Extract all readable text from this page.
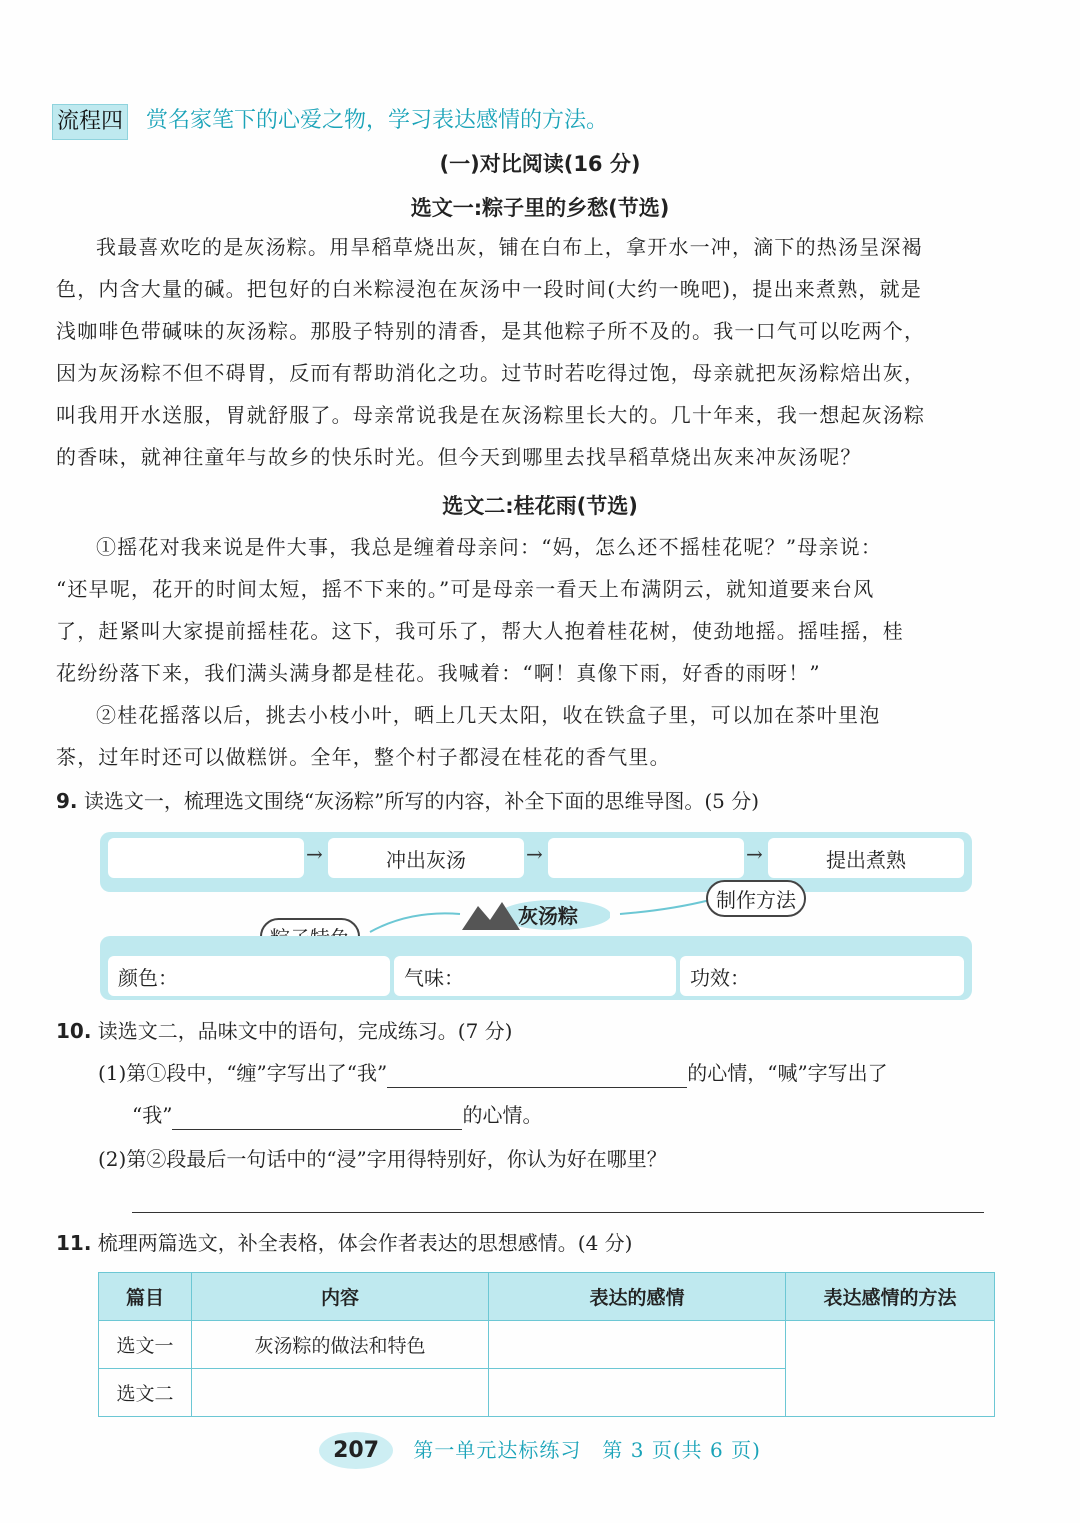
流程四 赏名家笔下的心爱之物，学习表达感情的方法。
(一)对比阅读(16 分)
选文一:粽子里的乡愁(节选)
我最喜欢吃的是灰汤粽。用旱稻草烧出灰，铺在白布上，拿开水一冲，滴下的热汤呈深褐
色，内含大量的碱。把包好的白米粽浸泡在灰汤中一段时间(大约一晚吧)，提出来煮熟，就是
浅咖啡色带碱味的灰汤粽。那股子特别的清香，是其他粽子所不及的。我一口气可以吃两个，
因为灰汤粽不但不碍胃，反而有帮助消化之功。过节时若吃得过饱，母亲就把灰汤粽焙出灰，
叫我用开水送服，胃就舒服了。母亲常说我是在灰汤粽里长大的。几十年来，我一想起灰汤粽
的香味，就神往童年与故乡的快乐时光。但今天到哪里去找旱稻草烧出灰来冲灰汤呢？
选文二:桂花雨(节选)
①摇花对我来说是件大事，我总是缠着母亲问：“妈，怎么还不摇桂花呢？”母亲说：
“还早呢，花开的时间太短，摇不下来的。”可是母亲一看天上布满阴云，就知道要来台风
了，赶紧叫大家提前摇桂花。这下，我可乐了，帮大人抱着桂花树，使劲地摇。摇哇摇，桂
花纷纷落下来，我们满头满身都是桂花。我喊着：“啊！真像下雨，好香的雨呀！”
②桂花摇落以后，挑去小枝小叶，晒上几天太阳，收在铁盒子里，可以加在茶叶里泡
茶，过年时还可以做糕饼。全年，整个村子都浸在桂花的香气里。
9. 读选文一，梳理选文围绕“灰汤粽”所写的内容，补全下面的思维导图。(5 分)
→	冲出灰汤	→	→	提出煮熟
灰汤粽
制作方法
颜色：	气味：	功效：
10. 读选文二，品味文中的语句，完成练习。(7 分)
(1)第①段中，“缠”字写出了“我”	的心情，“喊”字写出了
“我”	的心情。
(2)第②段最后一句话中的“浸”字用得特别好，你认为好在哪里？
11. 梳理两篇选文，补全表格，体会作者表达的思想感情。(4 分)
篇目	内容	表达的感情	表达感情的方法
选文一	灰汤粽的做法和特色		
选文二			
207 第一单元达标练习　第 3 页(共 6 页)
